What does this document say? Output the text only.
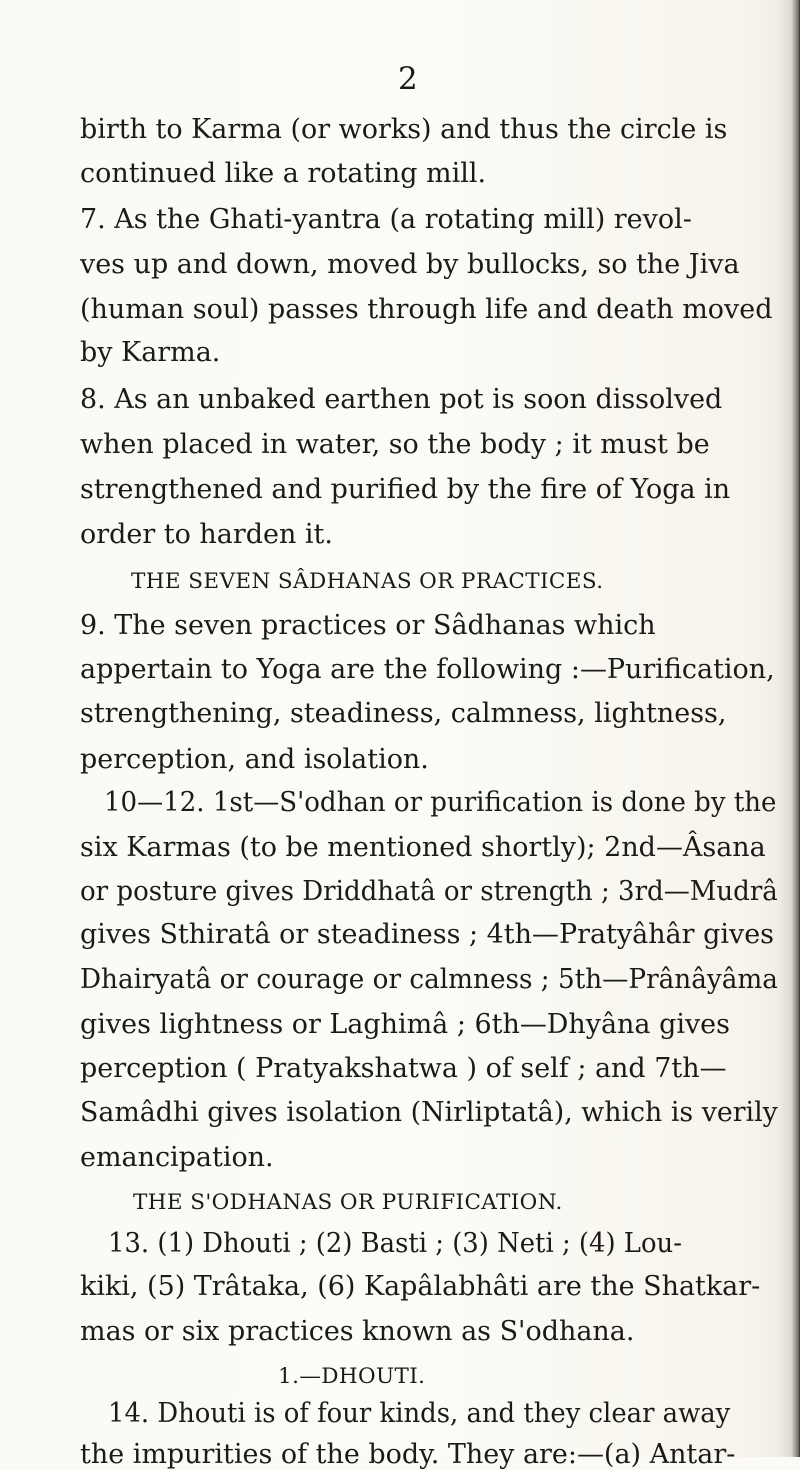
2
birth to Karma (or works) and thus the circle is
continued like a rotating mill.
7. As the Ghati-yantra (a rotating mill) revol-
ves up and down, moved by bullocks, so the Jiva
(human soul) passes through life and death moved
by Karma.
8. As an unbaked earthen pot is soon dissolved
when placed in water, so the body ; it must be
strengthened and purified by the fire of Yoga in
order to harden it.
THE SEVEN SÂDHANAS OR PRACTICES.
9. The seven practices or Sâdhanas which
appertain to Yoga are the following :—Purification,
strengthening, steadiness, calmness, lightness,
perception, and isolation.
10—12. 1st—S'odhan or purification is done by the
six Karmas (to be mentioned shortly); 2nd—Âsana
or posture gives Driddhatâ or strength ; 3rd—Mudrâ
gives Sthiratâ or steadiness ; 4th—Pratyâhâr gives
Dhairyatâ or courage or calmness ; 5th—Prânâyâma
gives lightness or Laghimâ ; 6th—Dhyâna gives
perception ( Pratyakshatwa ) of self ; and 7th—
Samâdhi gives isolation (Nirliptatâ), which is verily
emancipation.
THE S'ODHANAS OR PURIFICATION.
13. (1) Dhouti ; (2) Basti ; (3) Neti ; (4) Lou-
kiki, (5) Trâtaka, (6) Kapâlabhâti are the Shatkar-
mas or six practices known as S'odhana.
1.—DHOUTI.
14. Dhouti is of four kinds, and they clear away
the impurities of the body. They are:—(a) Antar-
